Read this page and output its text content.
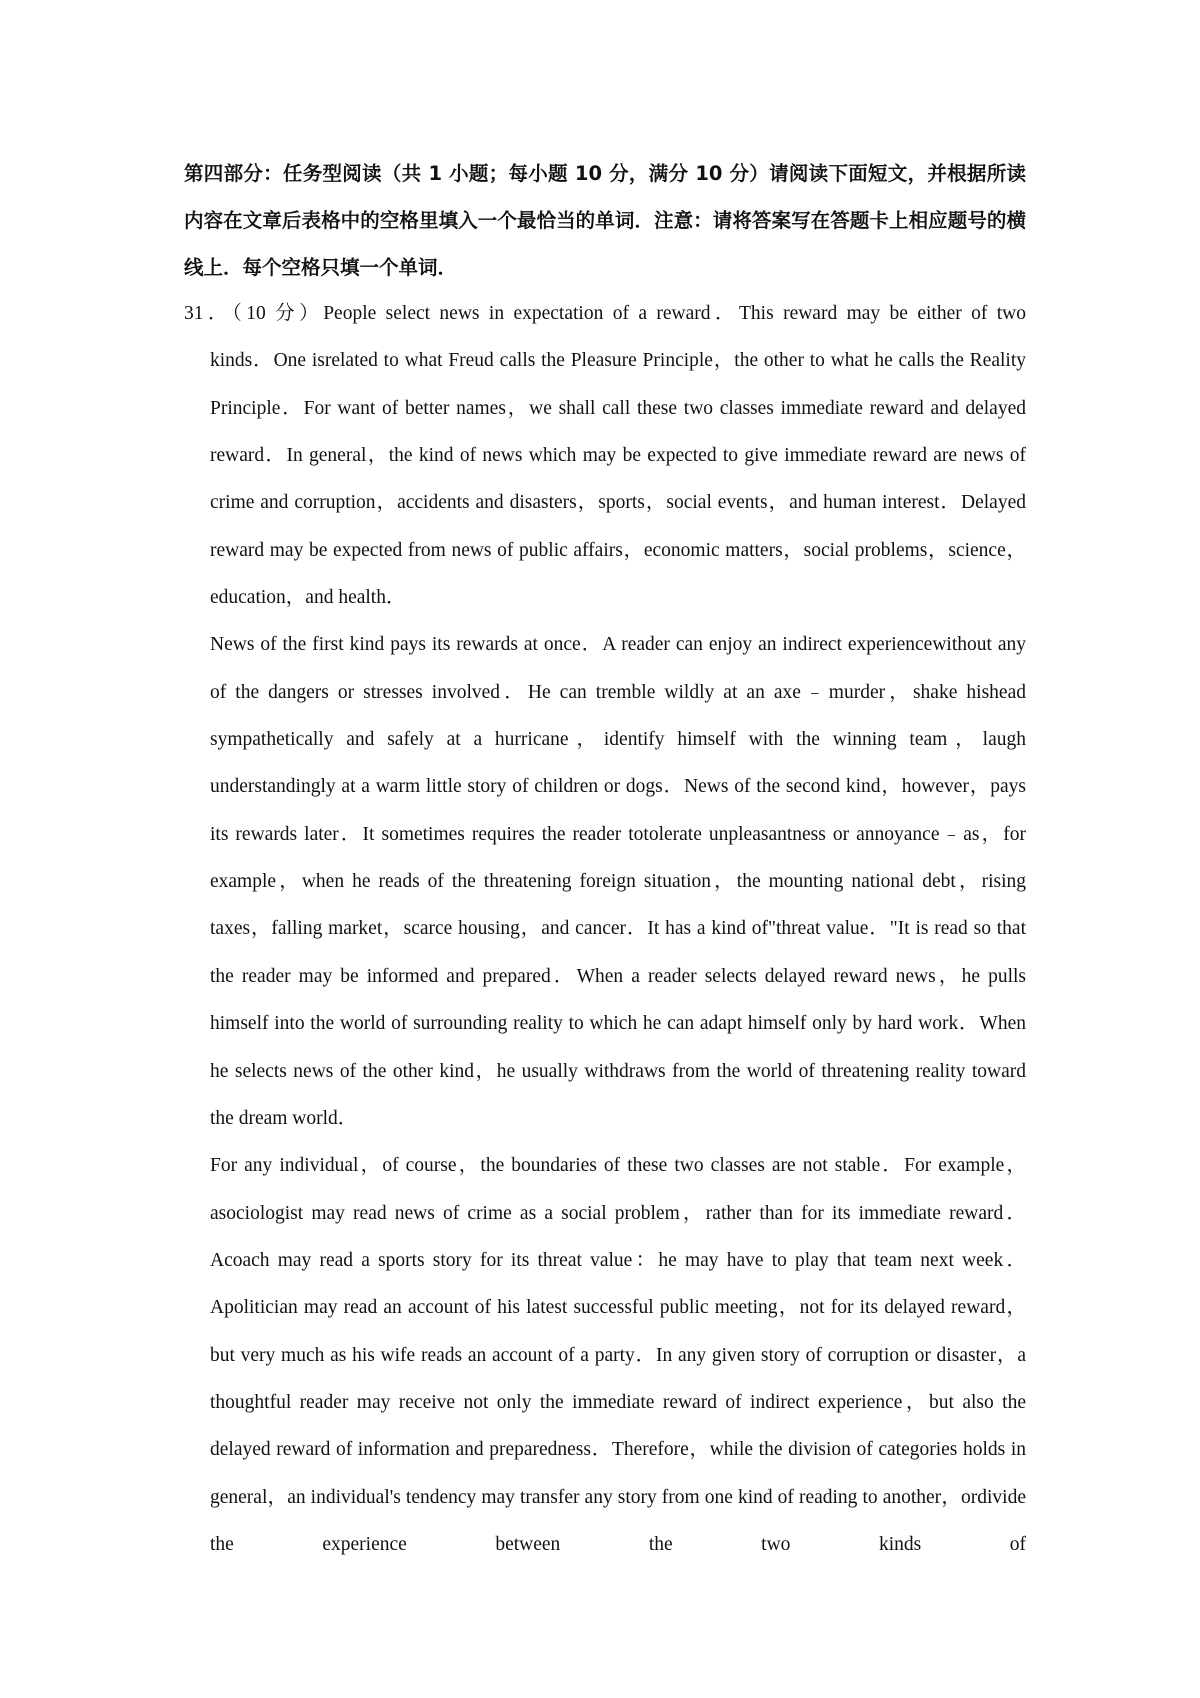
第四部分：任务型阅读（共 1 小题；每小题 10 分，满分 10 分）请阅读下面短文，并根据所读内容在文章后表格中的空格里填入一个最恰当的单词．注意：请将答案写在答题卡上相应题号的横线上．每个空格只填一个单词．
31．（10 分）People select news in expectation of a reward．This reward may be either of two

kinds．One isrelated to what Freud calls the Pleasure Principle，the other to what he calls the Reality Principle．For want of better names，we shall call these two classes immediate reward and delayed reward．In general，the kind of news which may be expected to give immediate reward are news of crime and corruption，accidents and disasters，sports，social events，and human interest．Delayed reward may be expected from news of public affairs，economic matters，social problems，science，education，and health．

News of the first kind pays its rewards at once．A reader can enjoy an indirect experiencewithout any of the dangers or stresses involved．He can tremble wildly at an axe﹣murder，shake hishead sympathetically and safely at a hurricane，identify himself with the winning team，laugh understandingly at a warm little story of children or dogs．News of the second kind，however，pays its rewards later．It sometimes requires the reader totolerate unpleasantness or annoyance﹣as，for example，when he reads of the threatening foreign situation，the mounting national debt，rising taxes，falling market，scarce housing，and cancer．It has a kind of"threat value．"It is read so that the reader may be informed and prepared．When a reader selects delayed reward news，he pulls himself into the world of surrounding reality to which he can adapt himself only by hard work．When he selects news of the other kind，he usually withdraws from the world of threatening reality toward the dream world．

For any individual，of course，the boundaries of these two classes are not stable．For example，asociologist may read news of crime as a social problem，rather than for its immediate reward．Acoach may read a sports story for its threat value：he may have to play that team next week．Apolitician may read an account of his latest successful public meeting，not for its delayed reward，but very much as his wife reads an account of a party．In any given story of corruption or disaster，a thoughtful reader may receive not only the immediate reward of indirect experience，but also the delayed reward of information and preparedness．Therefore，while the division of categories holds in general，an individual's tendency may transfer any story from one kind of reading to another，ordivide the experience between the two kinds of
